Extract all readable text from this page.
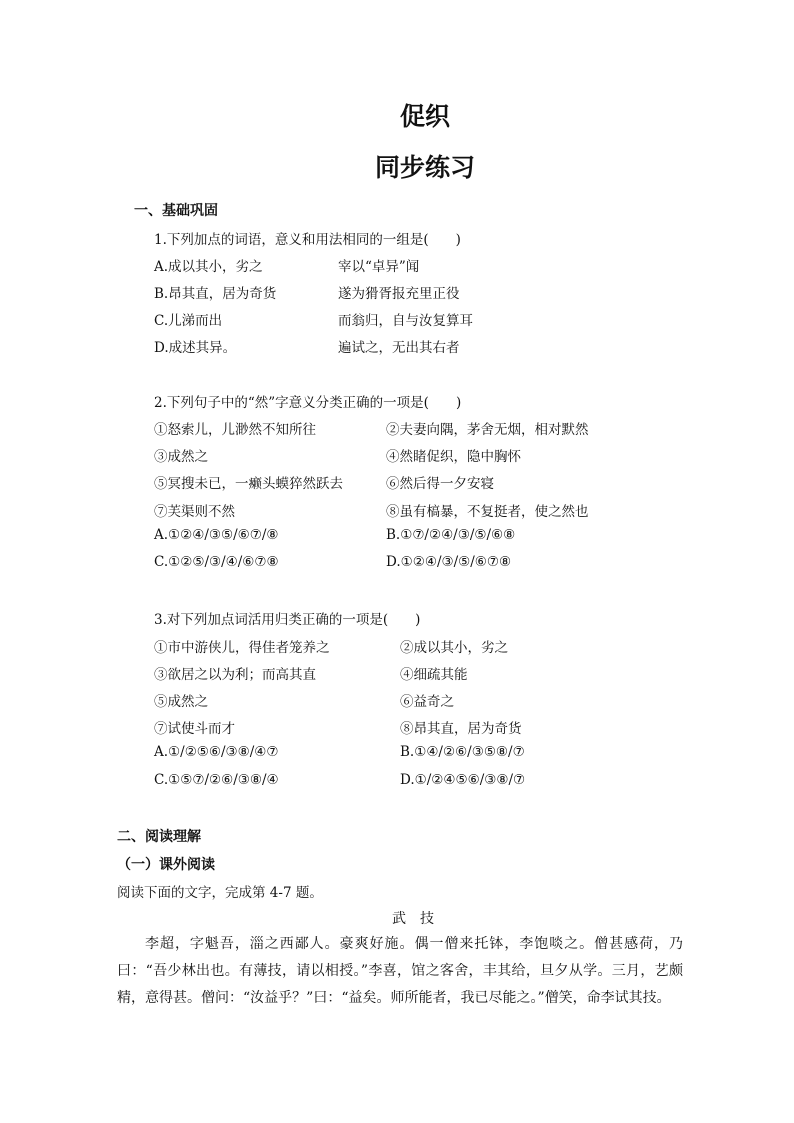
促织
同步练习
一、基础巩固
1.下列加点的词语，意义和用法相同的一组是(　　)
A.成以其小，劣之	宰以“卓异”闻
B.昂其直，居为奇货	遂为猾胥报充里正役
C.儿涕而出	而翁归，自与汝复算耳
D.成述其异。	遍试之，无出其右者
2.下列句子中的“然”字意义分类正确的一项是(　　)
①怒索儿，儿渺然不知所往	②夫妻向隅，茅舍无烟，相对默然
③成然之	④然睹促织，隐中胸怀
⑤冥搜未已，一癞头蟆猝然跃去	⑥然后得一夕安寝
⑦芙渠则不然	⑧虽有槁暴，不复挺者，使之然也
A.①②④/③⑤/⑥⑦/⑧	B.①⑦/②④/③/⑤/⑥⑧
C.①②⑤/③/④/⑥⑦⑧	D.①②④/③/⑤/⑥⑦⑧
3.对下列加点词活用归类正确的一项是(　　)
①市中游侠儿，得佳者笼养之	②成以其小，劣之
③欲居之以为利；而高其直	④细疏其能
⑤成然之	⑥益奇之
⑦试使斗而才	⑧昂其直，居为奇货
A.①/②⑤⑥/③⑧/④⑦	B.①④/②⑥/③⑤⑧/⑦
C.①⑤⑦/②⑥/③⑧/④	D.①/②④⑤⑥/③⑧/⑦
二、阅读理解
（一）课外阅读
阅读下面的文字，完成第 4-7 题。
武　技
李超，字魁吾，淄之西鄙人。豪爽好施。偶一僧来托钵，李饱啖之。僧甚感荷，乃曰：“吾少林出也。有薄技，请以相授。”李喜，馆之客舍，丰其给，旦夕从学。三月，艺颇精，意得甚。僧问：“汝益乎？”曰：“益矣。师所能者，我已尽能之。”僧笑，命李试其技。
